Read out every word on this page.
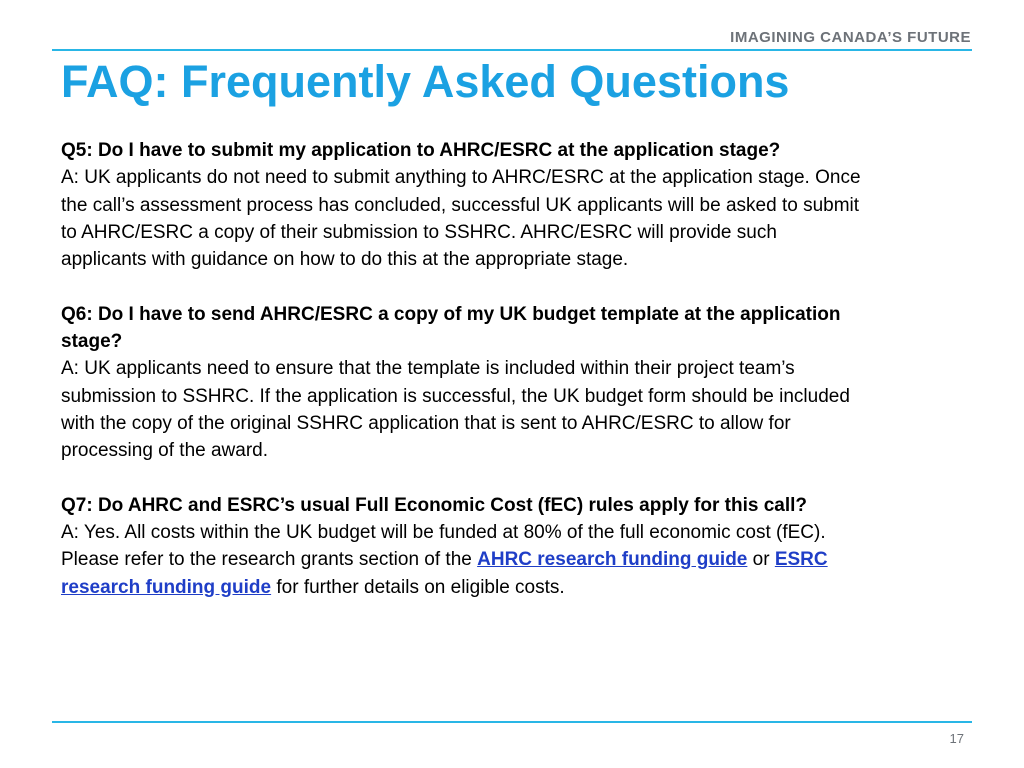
IMAGINING CANADA’S FUTURE
FAQ: Frequently Asked Questions
Q5: Do I have to submit my application to AHRC/ESRC at the application stage?
A: UK applicants do not need to submit anything to AHRC/ESRC at the application stage. Once the call’s assessment process has concluded, successful UK applicants will be asked to submit to AHRC/ESRC a copy of their submission to SSHRC. AHRC/ESRC will provide such applicants with guidance on how to do this at the appropriate stage.
Q6: Do I have to send AHRC/ESRC a copy of my UK budget template at the application stage?
A: UK applicants need to ensure that the template is included within their project team’s submission to SSHRC. If the application is successful, the UK budget form should be included with the copy of the original SSHRC application that is sent to AHRC/ESRC to allow for processing of the award.
Q7: Do AHRC and ESRC’s usual Full Economic Cost (fEC) rules apply for this call?
A: Yes. All costs within the UK budget will be funded at 80% of the full economic cost (fEC). Please refer to the research grants section of the AHRC research funding guide or ESRC research funding guide for further details on eligible costs.
17
